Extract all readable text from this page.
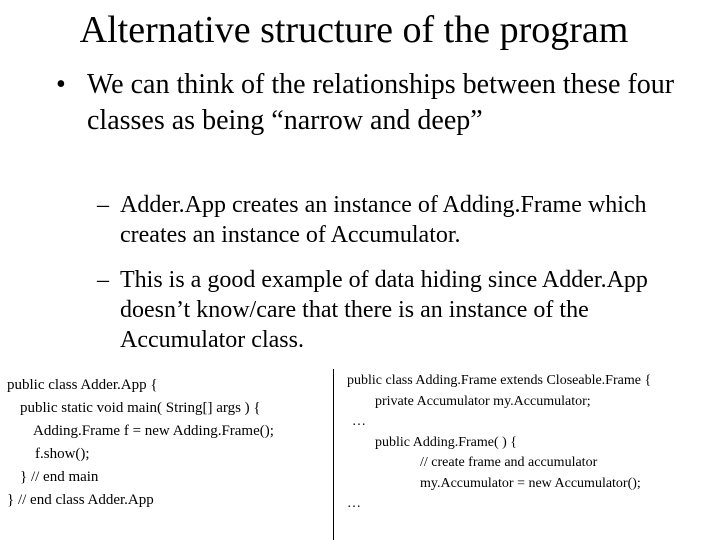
Alternative structure of the program
• We can think of the relationships between these four classes as being “narrow and deep”
– Adder.App creates an instance of Adding.Frame which creates an instance of Accumulator.
– This is a good example of data hiding since Adder.App doesn’t know/care that there is an instance of the Accumulator class.
public class Adder.App {
public static void main( String[] args ) {
Adding.Frame f = new Adding.Frame();
f.show();
} // end main
} // end class Adder.App
public class Adding.Frame extends Closeable.Frame {
private Accumulator my.Accumulator;
…
public Adding.Frame( ) {
// create frame and accumulator
my.Accumulator = new Accumulator();
…
